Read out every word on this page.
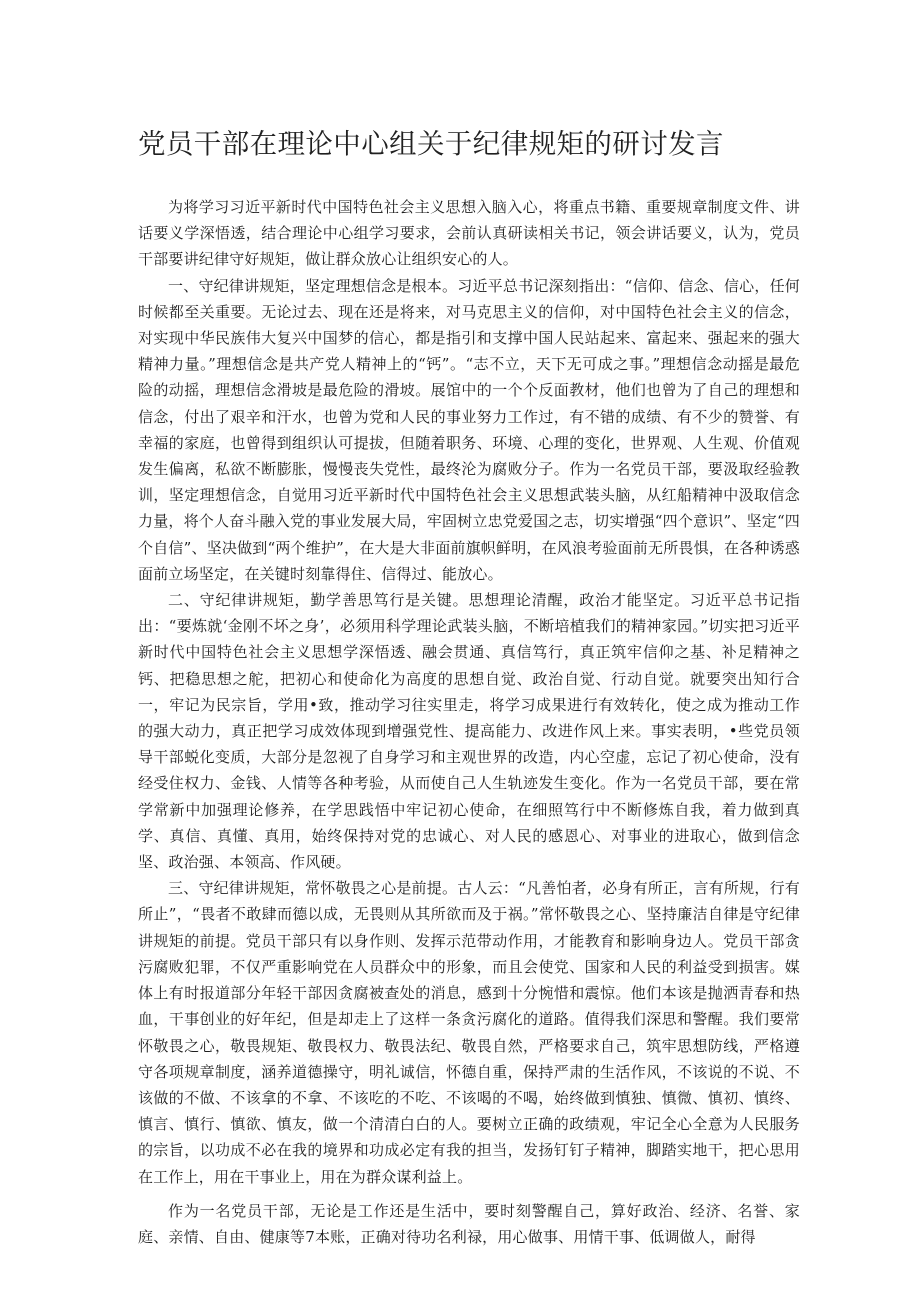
党员干部在理论中心组关于纪律规矩的研讨发言

为将学习习近平新时代中国特色社会主义思想入脑入心，将重点书籍、重要规章制度文件、讲话要义学深悟透，结合理论中心组学习要求，会前认真研读相关书记，领会讲话要义，认为，党员干部要讲纪律守好规矩，做让群众放心让组织安心的人。

一、守纪律讲规矩，坚定理想信念是根本。习近平总书记深刻指出：“信仰、信念、信心，任何时候都至关重要。无论过去、现在还是将来，对马克思主义的信仰，对中国特色社会主义的信念，对实现中华民族伟大复兴中国梦的信心，都是指引和支撑中国人民站起来、富起来、强起来的强大精神力量。”理想信念是共产党人精神上的“钙”。“志不立，天下无可成之事。”理想信念动摇是最危险的动摇，理想信念滑坡是最危险的滑坡。展馆中的一个个反面教材，他们也曾为了自己的理想和信念，付出了艰辛和汗水，也曾为党和人民的事业努力工作过，有不错的成绩、有不少的赞誉、有幸福的家庭，也曾得到组织认可提拔，但随着职务、环境、心理的变化，世界观、人生观、价值观发生偏离，私欲不断膨胀，慢慢丧失党性，最终沦为腐败分子。作为一名党员干部，要汲取经验教训，坚定理想信念，自觉用习近平新时代中国特色社会主义思想武装头脑，从红船精神中汲取信念力量，将个人奋斗融入党的事业发展大局，牢固树立忠党爱国之志，切实增强“四个意识”、坚定“四个自信”、坚决做到“两个维护”，在大是大非面前旗帜鲜明，在风浪考验面前无所畏惧，在各种诱惑面前立场坚定，在关键时刻靠得住、信得过、能放心。

二、守纪律讲规矩，勤学善思笃行是关键。思想理论清醒，政治才能坚定。习近平总书记指出：“要炼就‘金刚不坏之身’，必须用科学理论武装头脑，不断培植我们的精神家园。”切实把习近平新时代中国特色社会主义思想学深悟透、融会贯通、真信笃行，真正筑牢信仰之基、补足精神之钙、把稳思想之舵，把初心和使命化为高度的思想自觉、政治自觉、行动自觉。就要突出知行合一，牢记为民宗旨，学用•致，推动学习往实里走，将学习成果进行有效转化，使之成为推动工作的强大动力，真正把学习成效体现到增强党性、提高能力、改进作风上来。事实表明，•些党员领导干部蜕化变质，大部分是忽视了自身学习和主观世界的改造，内心空虚，忘记了初心使命，没有经受住权力、金钱、人情等各种考验，从而使自己人生轨迹发生变化。作为一名党员干部，要在常学常新中加强理论修养，在学思践悟中牢记初心使命，在细照笃行中不断修炼自我，着力做到真学、真信、真懂、真用，始终保持对党的忠诚心、对人民的感恩心、对事业的进取心，做到信念坚、政治强、本领高、作风硬。

三、守纪律讲规矩，常怀敬畏之心是前提。古人云：“凡善怕者，必身有所正，言有所规，行有所止”，“畏者不敢肆而德以成，无畏则从其所欲而及于祸。”常怀敬畏之心、坚持廉洁自律是守纪律讲规矩的前提。党员干部只有以身作则、发挥示范带动作用，才能教育和影响身边人。党员干部贪污腐败犯罪，不仅严重影响党在人员群众中的形象，而且会使党、国家和人民的利益受到损害。媒体上有时报道部分年轻干部因贪腐被查处的消息，感到十分惋惜和震惊。他们本该是抛洒青春和热血，干事创业的好年纪，但是却走上了这样一条贪污腐化的道路。值得我们深思和警醒。我们要常怀敬畏之心，敬畏规矩、敬畏权力、敬畏法纪、敬畏自然，严格要求自己，筑牢思想防线，严格遵守各项规章制度，涵养道德操守，明礼诚信，怀德自重，保持严肃的生活作风，不该说的不说、不该做的不做、不该拿的不拿、不该吃的不吃、不该喝的不喝，始终做到慎独、慎微、慎初、慎终、慎言、慎行、慎欲、慎友，做一个清清白白的人。要树立正确的政绩观，牢记全心全意为人民服务的宗旨，以功成不必在我的境界和功成必定有我的担当，发扬钉钉子精神，脚踏实地干，把心思用在工作上，用在干事业上，用在为群众谋利益上。

作为一名党员干部，无论是工作还是生活中，要时刻警醒自己，算好政治、经济、名誉、家庭、亲情、自由、健康等7本账，正确对待功名利禄，用心做事、用情干事、低调做人，耐得
